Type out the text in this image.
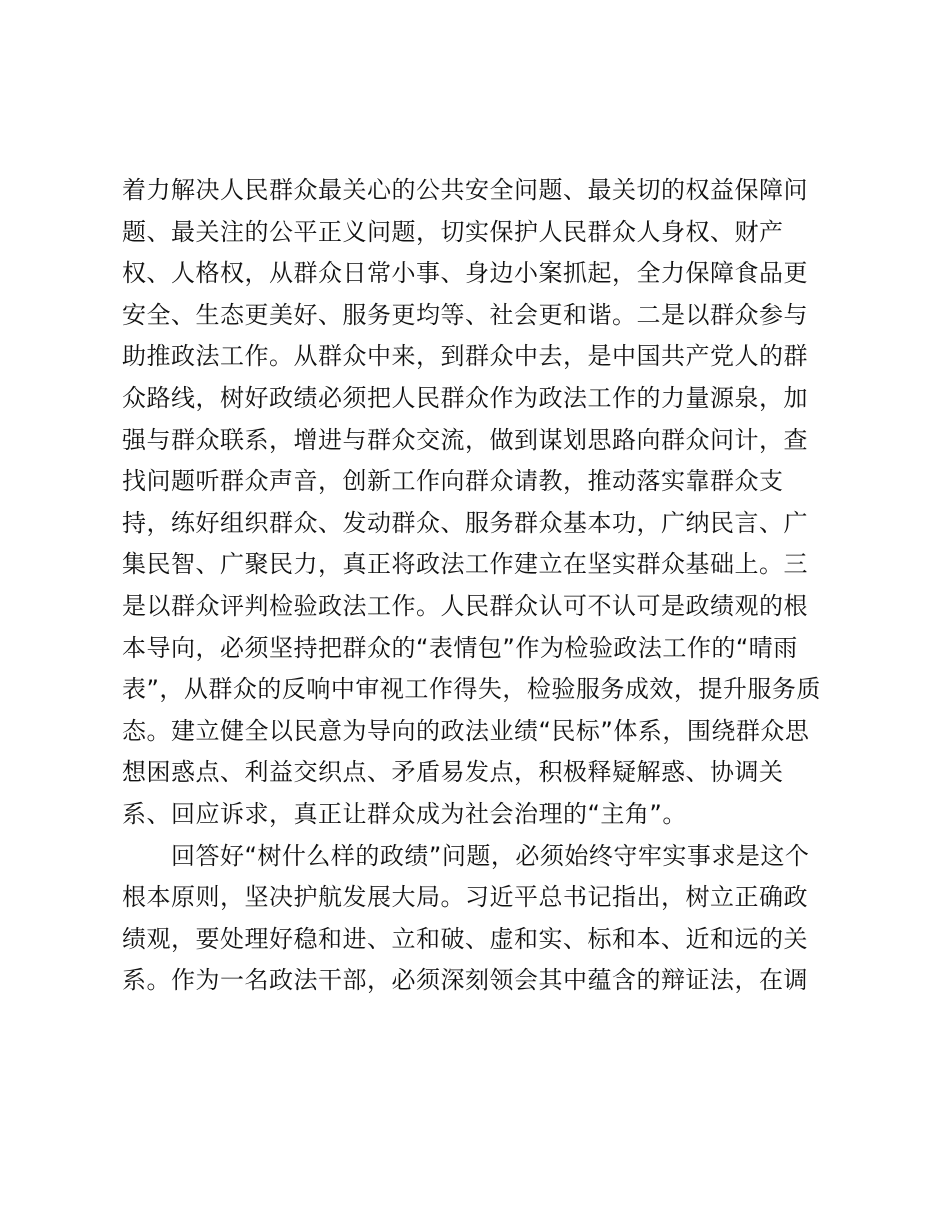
着力解决人民群众最关心的公共安全问题、最关切的权益保障问
题、最关注的公平正义问题，切实保护人民群众人身权、财产
权、人格权，从群众日常小事、身边小案抓起，全力保障食品更
安全、生态更美好、服务更均等、社会更和谐。二是以群众参与
助推政法工作。从群众中来，到群众中去，是中国共产党人的群
众路线，树好政绩必须把人民群众作为政法工作的力量源泉，加
强与群众联系，增进与群众交流，做到谋划思路向群众问计，查
找问题听群众声音，创新工作向群众请教，推动落实靠群众支
持，练好组织群众、发动群众、服务群众基本功，广纳民言、广
集民智、广聚民力，真正将政法工作建立在坚实群众基础上。三
是以群众评判检验政法工作。人民群众认可不认可是政绩观的根
本导向，必须坚持把群众的“表情包”作为检验政法工作的“晴雨
表”，从群众的反响中审视工作得失，检验服务成效，提升服务质
态。建立健全以民意为导向的政法业绩“民标”体系，围绕群众思
想困惑点、利益交织点、矛盾易发点，积极释疑解惑、协调关
系、回应诉求，真正让群众成为社会治理的“主角”。
　　回答好“树什么样的政绩”问题，必须始终守牢实事求是这个
根本原则，坚决护航发展大局。习近平总书记指出，树立正确政
绩观，要处理好稳和进、立和破、虚和实、标和本、近和远的关
系。作为一名政法干部，必须深刻领会其中蕴含的辩证法，在调
